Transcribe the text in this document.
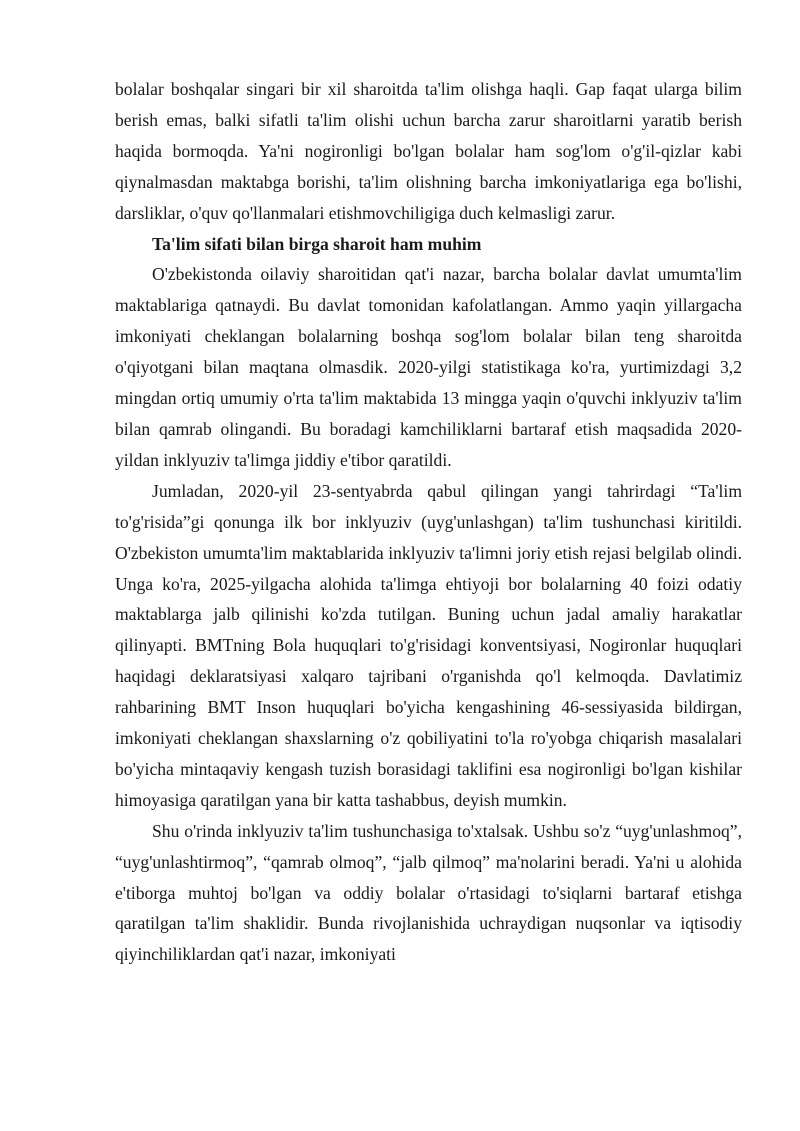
bolalar boshqalar singari bir xil sharoitda ta'lim olishga haqli. Gap faqat ularga bilim berish emas, balki sifatli ta'lim olishi uchun barcha zarur sharoitlarni yaratib berish haqida bormoqda. Ya'ni nogironligi bo'lgan bolalar ham sog'lom o'g'il-qizlar kabi qiynalmasdan maktabga borishi, ta'lim olishning barcha imkoniyatlariga ega bo'lishi, darsliklar, o'quv qo'llanmalari etishmovchiligiga duch kelmasligi zarur.

Ta'lim sifati bilan birga sharoit ham muhim

O'zbekistonda oilaviy sharoitidan qat'i nazar, barcha bolalar davlat umumta'lim maktablariga qatnaydi. Bu davlat tomonidan kafolatlangan. Ammo yaqin yillargacha imkoniyati cheklangan bolalarning boshqa sog'lom bolalar bilan teng sharoitda o'qiyotgani bilan maqtana olmasdik. 2020-yilgi statistikaga ko'ra, yurtimizdagi 3,2 mingdan ortiq umumiy o'rta ta'lim maktabida 13 mingga yaqin o'quvchi inklyuziv ta'lim bilan qamrab olingandi. Bu boradagi kamchiliklarni bartaraf etish maqsadida 2020-yildan inklyuziv ta'limga jiddiy e'tibor qaratildi.

Jumladan, 2020-yil 23-sentyabrda qabul qilingan yangi tahrirdagi “Ta'lim to'g'risida”gi qonunga ilk bor inklyuziv (uyg'unlashgan) ta'lim tushunchasi kiritildi. O'zbekiston umumta'lim maktablarida inklyuziv ta'limni joriy etish rejasi belgilab olindi. Unga ko'ra, 2025-yilgacha alohida ta'limga ehtiyoji bor bolalarning 40 foizi odatiy maktablarga jalb qilinishi ko'zda tutilgan. Buning uchun jadal amaliy harakatlar qilinyapti. BMTning Bola huquqlari to'g'risidagi konventsiyasi, Nogironlar huquqlari haqidagi deklaratsiyasi xalqaro tajribani o'rganishda qo'l kelmoqda. Davlatimiz rahbarining BMT Inson huquqlari bo'yicha kengashining 46-sessiyasida bildirgan, imkoniyati cheklangan shaxslarning o'z qobiliyatini to'la ro'yobga chiqarish masalalari bo'yicha mintaqaviy kengash tuzish borasidagi taklifini esa nogironligi bo'lgan kishilar himoyasiga qaratilgan yana bir katta tashabbus, deyish mumkin.

Shu o'rinda inklyuziv ta'lim tushunchasiga to'xtalsak. Ushbu so'z “uyg'unlashmoq”, “uyg'unlashtirmoq”, “qamrab olmoq”, “jalb qilmoq” ma'nolarini beradi. Ya'ni u alohida e'tiborga muhtoj bo'lgan va oddiy bolalar o'rtasidagi to'siqlarni bartaraf etishga qaratilgan ta'lim shaklidir. Bunda rivojlanishida uchraydigan nuqsonlar va iqtisodiy qiyinchiliklardan qat'i nazar, imkoniyati
